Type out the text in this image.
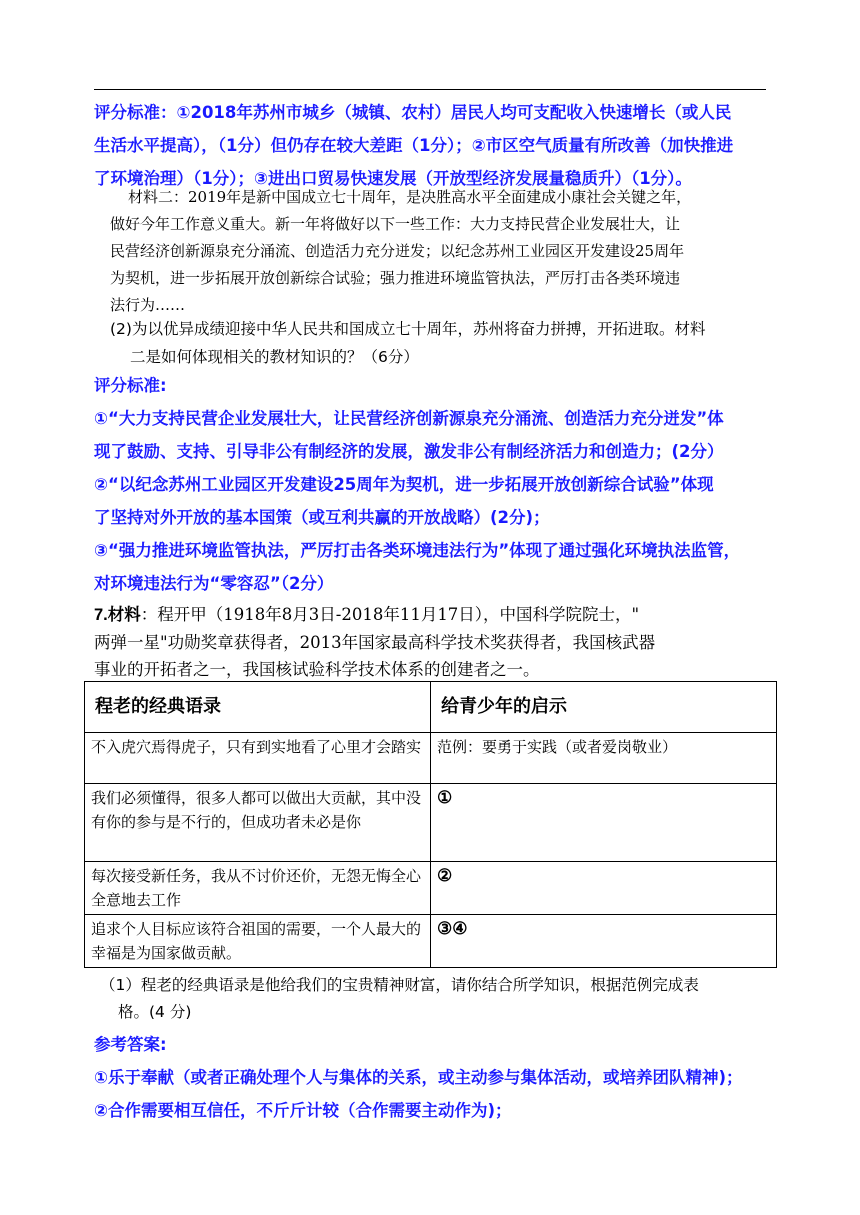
评分标准：①2018年苏州市城乡（城镇、农村）居民人均可支配收入快速增长（或人民
生活水平提高），（1分）但仍存在较大差距（1分）；②市区空气质量有所改善（加快推进
了环境治理）（1分）；③进出口贸易快速发展（开放型经济发展量稳质升）（1分）。
材料二：2019年是新中国成立七十周年，是决胜高水平全面建成小康社会关键之年，
做好今年工作意义重大。新一年将做好以下一些工作：大力支持民营企业发展壮大，让
民营经济创新源泉充分涌流、创造活力充分迸发；以纪念苏州工业园区开发建设25周年
为契机，进一步拓展开放创新综合试验；强力推进环境监管执法，严厉打击各类环境违
法行为……
(2)为以优异成绩迎接中华人民共和国成立七十周年，苏州将奋力拼搏，开拓进取。材料
二是如何体现相关的教材知识的？（6分）
评分标准:
①“大力支持民营企业发展壮大，让民营经济创新源泉充分涌流、创造活力充分迸发”体
现了鼓励、支持、引导非公有制经济的发展，激发非公有制经济活力和创造力；(2分）
②“以纪念苏州工业园区开发建设25周年为契机，进一步拓展开放创新综合试验”体现
了坚持对外开放的基本国策（或互利共赢的开放战略）(2分)；
③“强力推进环境监管执法，严厉打击各类环境违法行为”体现了通过强化环境执法监管，
对环境违法行为“零容忍”（2分）
7.材料：程开甲（1918年8月3日-2018年11月17日），中国科学院院士，"
两弹一星"功勋奖章获得者，2013年国家最高科学技术奖获得者，我国核武器
事业的开拓者之一，我国核试验科学技术体系的创建者之一。
程老的经典语录	给青少年的启示
不入虎穴焉得虎子，只有到实地看了心里才会踏实	范例：要勇于实践（或者爱岗敬业）
我们必须懂得，很多人都可以做出大贡献，其中没有你的参与是不行的，但成功者未必是你	①
每次接受新任务，我从不讨价还价，无怨无悔全心全意地去工作	②
追求个人目标应该符合祖国的需要，一个人最大的幸福是为国家做贡献。	③④
（1）程老的经典语录是他给我们的宝贵精神财富，请你结合所学知识，根据范例完成表
格。(4 分)
参考答案:
①乐于奉献（或者正确处理个人与集体的关系，或主动参与集体活动，或培养团队精神)；
②合作需要相互信任，不斤斤计较（合作需要主动作为)；
